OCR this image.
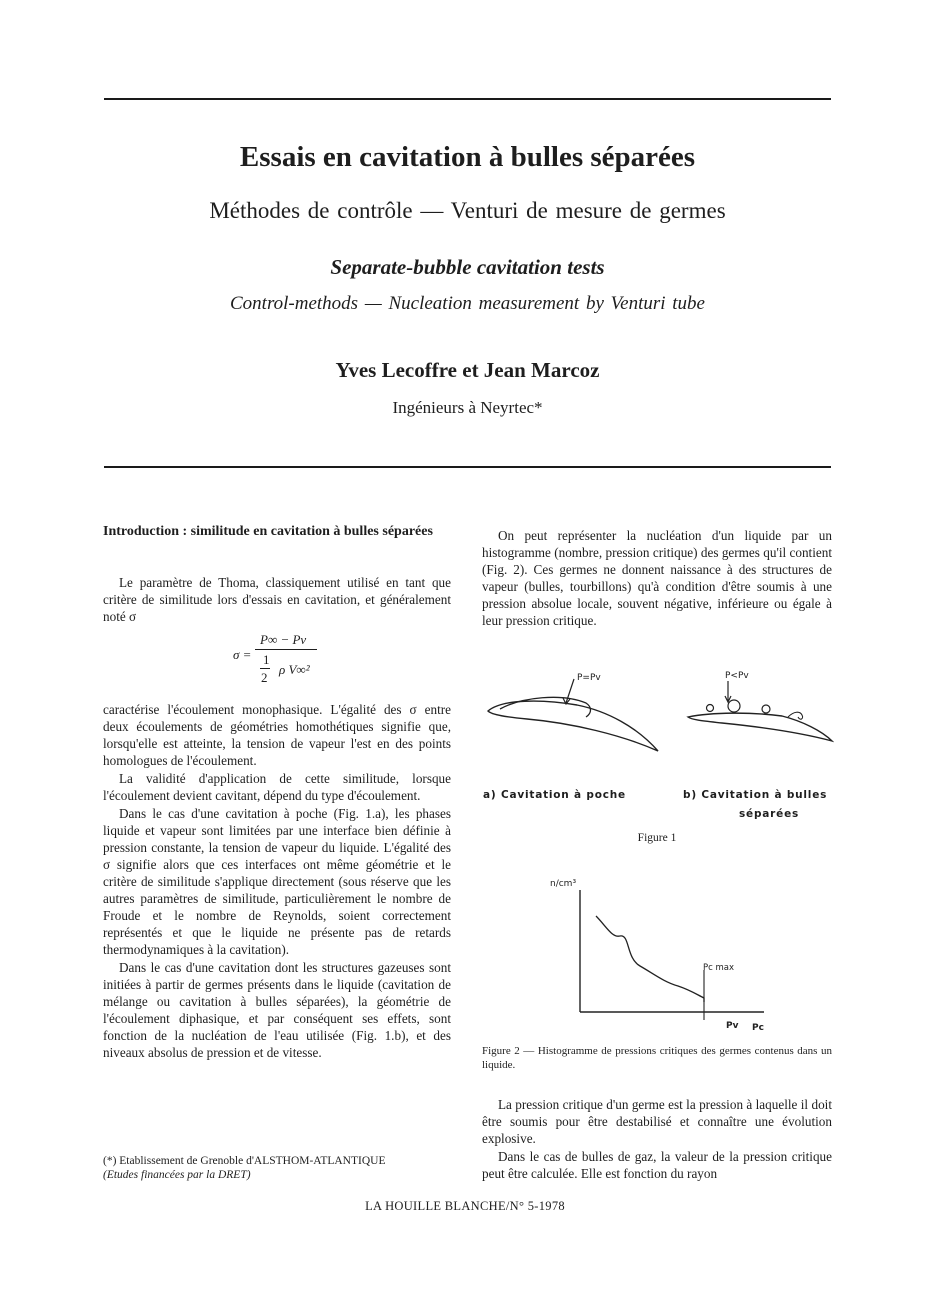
Essais en cavitation à bulles séparées
Méthodes de contrôle — Venturi de mesure de germes
Separate-bubble cavitation tests
Control-methods — Nucleation measurement by Venturi tube
Yves Lecoffre et Jean Marcoz
Ingénieurs à Neyrtec*

Introduction : similitude en cavitation à bulles séparées

Le paramètre de Thoma, classiquement utilisé en tant que critère de similitude lors d'essais en cavitation, et généralement noté σ

σ =
P∞ − Pv
1
2
ρ V∞²

caractérise l'écoulement monophasique. L'égalité des σ entre deux écoulements de géométries homothétiques signifie que, lorsqu'elle est atteinte, la tension de vapeur l'est en des points homologues de l'écoulement.

La validité d'application de cette similitude, lorsque l'écoulement devient cavitant, dépend du type d'écoulement.

Dans le cas d'une cavitation à poche (Fig. 1.a), les phases liquide et vapeur sont limitées par une interface bien définie à pression constante, la tension de vapeur du liquide. L'égalité des σ signifie alors que ces interfaces ont même géométrie et le critère de similitude s'applique directement (sous réserve que les autres paramètres de similitude, particulièrement le nombre de Froude et le nombre de Reynolds, soient correctement représentés et que le liquide ne présente pas de retards thermodynamiques à la cavitation).

Dans le cas d'une cavitation dont les structures gazeuses sont initiées à partir de germes présents dans le liquide (cavitation de mélange ou cavitation à bulles séparées), la géométrie de l'écoulement diphasique, et par conséquent ses effets, sont fonction de la nucléation de l'eau utilisée (Fig. 1.b), et des niveaux absolus de pression et de vitesse.

(*) Etablissement de Grenoble d'ALSTHOM-ATLANTIQUE
(Etudes financées par la DRET)

On peut représenter la nucléation d'un liquide par un histogramme (nombre, pression critique) des germes qu'il contient (Fig. 2). Ces germes ne donnent naissance à des structures de vapeur (bulles, tourbillons) qu'à condition d'être soumis à une pression absolue locale, souvent négative, inférieure ou égale à leur pression critique.

P=Pv	P<Pv
a) Cavitation à poche	b) Cavitation à bulles
séparées
Figure 1
n/cm³
Pc max
Pv Pc
Figure 2 — Histogramme de pressions critiques des germes contenus dans un liquide.

La pression critique d'un germe est la pression à laquelle il doit être soumis pour être destabilisé et connaître une évolution explosive.

Dans le cas de bulles de gaz, la valeur de la pression critique peut être calculée. Elle est fonction du rayon

LA HOUILLE BLANCHE/N° 5-1978
